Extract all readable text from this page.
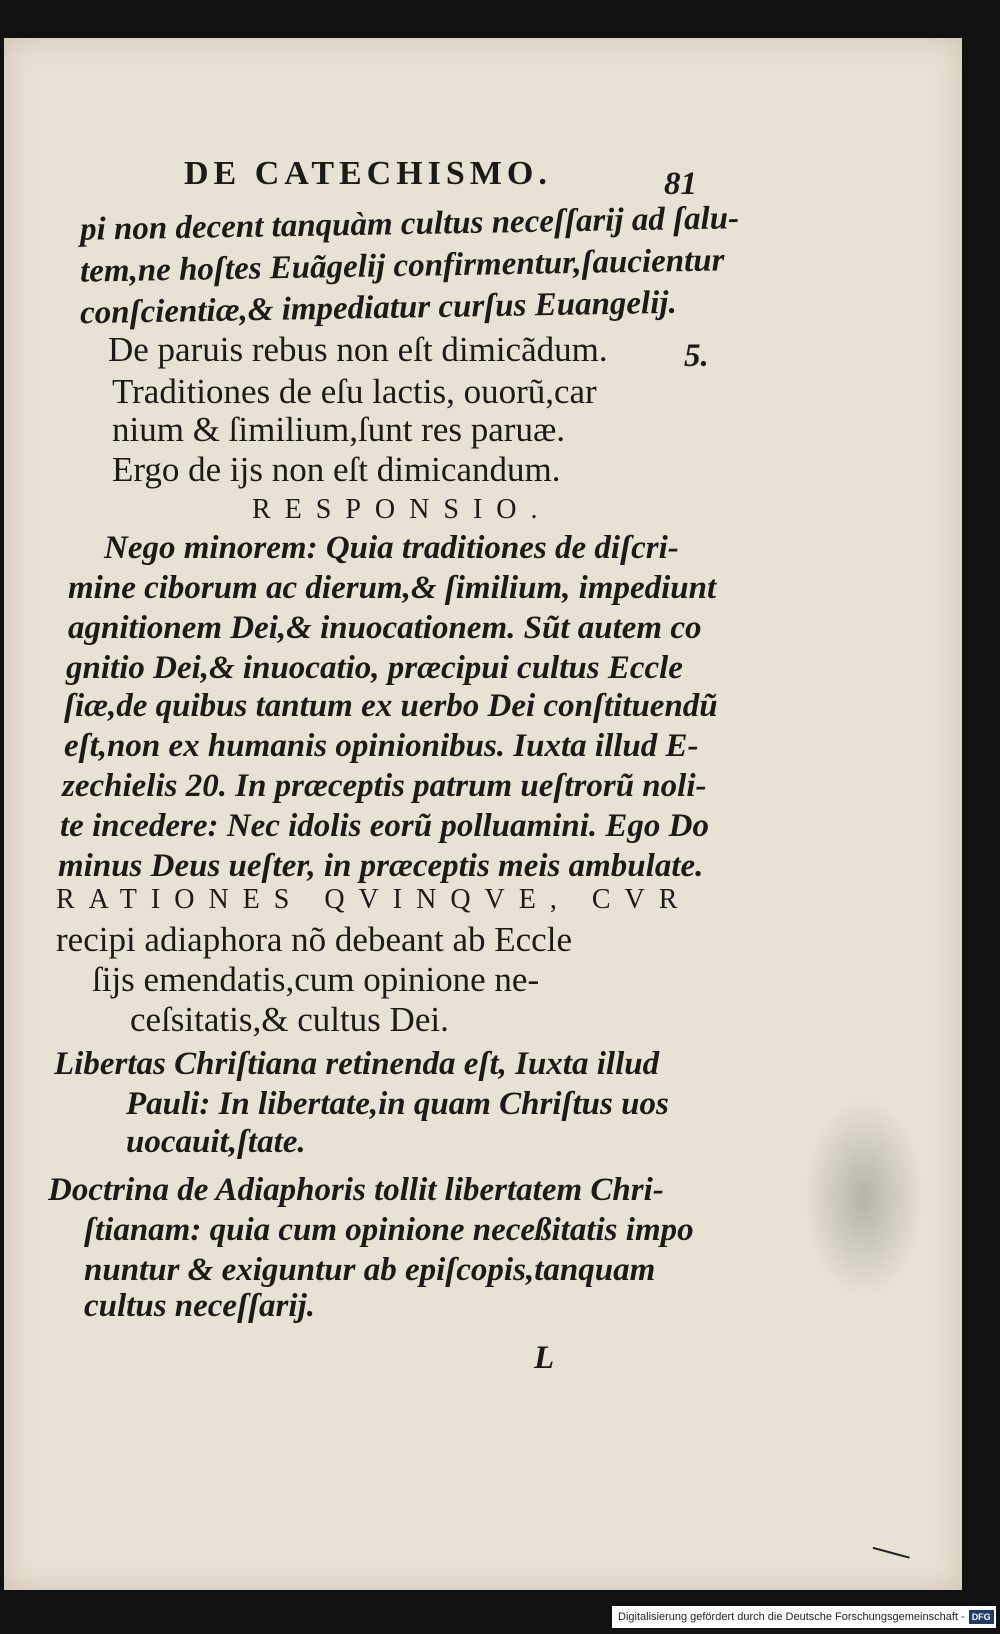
DE CATECHISMO.	81
pi non decent tanquàm cultus neceſſarij ad ſalu-
tem,ne hoſtes Euãgelij confirmentur,ſaucientur
conſcientiæ,& impediatur curſus Euangelij.
De paruis rebus non eſt dimicãdum. 5.
Traditiones de eſu lactis, ouorũ,car
nium & ſimilium,ſunt res paruæ.
Ergo de ijs non eſt dimicandum.
RESPONSIO.
Nego minorem: Quia traditiones de diſcri-
mine ciborum ac dierum,& ſimilium, impediunt
agnitionem Dei,& inuocationem. Sũt autem co
gnitio Dei,& inuocatio, præcipui cultus Eccle
ſiæ,de quibus tantum ex uerbo Dei conſtituendũ
eſt,non ex humanis opinionibus. Iuxta illud E-
zechielis 20. In præceptis patrum ueſtrorũ noli-
te incedere: Nec idolis eorũ polluamini. Ego Do
minus Deus ueſter, in præceptis meis ambulate.
RATIONES QVINQVE, CVR
recipi adiaphora nõ debeant ab Eccle
ſijs emendatis,cum opinione ne-
ceſsitatis,& cultus Dei.
Libertas Chriſtiana retinenda eſt, Iuxta illud
Pauli: In libertate,in quam Chriſtus uos
uocauit,ſtate.
Doctrina de Adiaphoris tollit libertatem Chri-
ſtianam: quia cum opinione neceßitatis impo
nuntur & exiguntur ab epiſcopis,tanquam
cultus neceſſarij.
L
Digitalisierung gefördert durch die Deutsche Forschungsgemeinschaft - DFG
